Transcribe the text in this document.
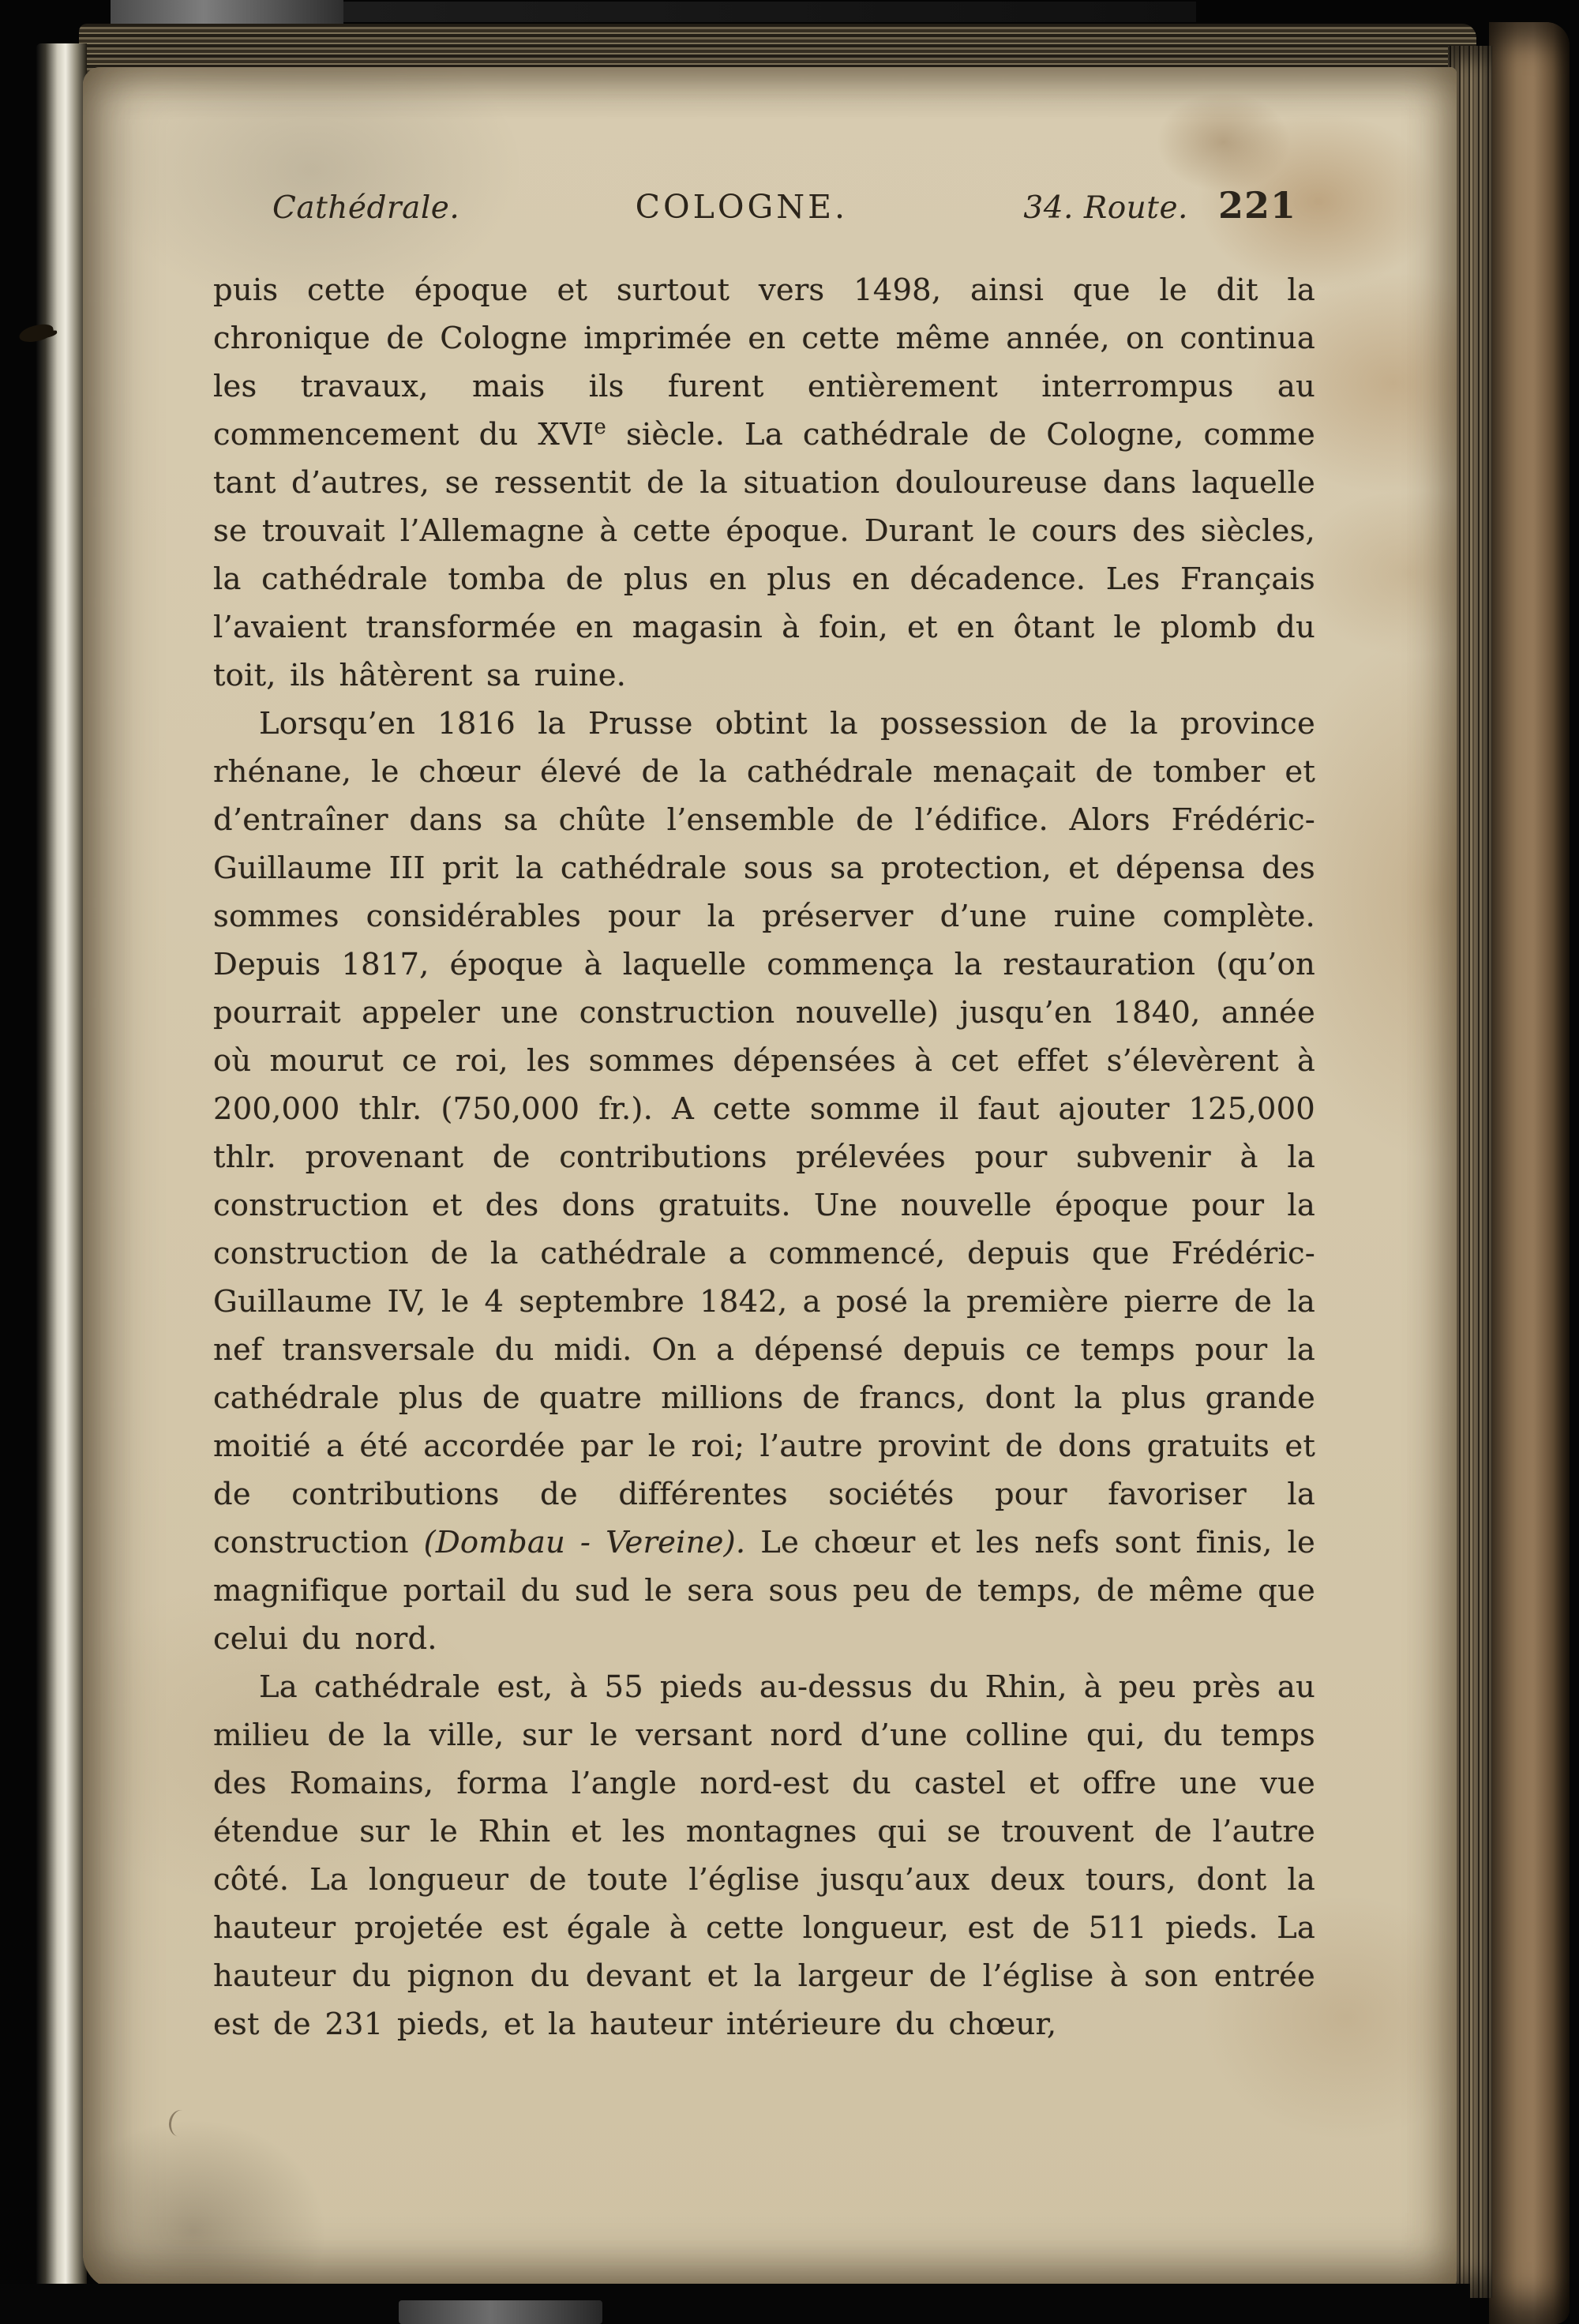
Cathédrale.	COLOGNE.	34. Route. 221

puis cette époque et surtout vers 1498, ainsi que le dit la chronique de Cologne imprimée en cette même année, on continua les travaux, mais ils furent entièrement interrompus au commencement du XVIe siècle. La cathédrale de Cologne, comme tant d’autres, se ressentit de la situation douloureuse dans laquelle se trouvait l’Allemagne à cette époque. Durant le cours des siècles, la cathédrale tomba de plus en plus en décadence. Les Français l’avaient transformée en magasin à foin, et en ôtant le plomb du toit, ils hâtèrent sa ruine.

Lorsqu’en 1816 la Prusse obtint la possession de la province rhénane, le chœur élevé de la cathédrale menaçait de tomber et d’entraîner dans sa chûte l’ensemble de l’édifice. Alors Frédéric-Guillaume III prit la cathédrale sous sa protection, et dépensa des sommes considérables pour la préserver d’une ruine complète. Depuis 1817, époque à laquelle commença la restauration (qu’on pourrait appeler une construction nouvelle) jusqu’en 1840, année où mourut ce roi, les sommes dépensées à cet effet s’élevèrent à 200,000 thlr. (750,000 fr.). A cette somme il faut ajouter 125,000 thlr. provenant de contributions prélevées pour subvenir à la construction et des dons gratuits. Une nouvelle époque pour la construction de la cathédrale a commencé, depuis que Frédéric-Guillaume IV, le 4 septembre 1842, a posé la première pierre de la nef transversale du midi. On a dépensé depuis ce temps pour la cathédrale plus de quatre millions de francs, dont la plus grande moitié a été accordée par le roi; l’autre provint de dons gratuits et de contributions de différentes sociétés pour favoriser la construction (Dombau - Vereine). Le chœur et les nefs sont finis, le magnifique portail du sud le sera sous peu de temps, de même que celui du nord.

La cathédrale est, à 55 pieds au-dessus du Rhin, à peu près au milieu de la ville, sur le versant nord d’une colline qui, du temps des Romains, forma l’angle nord-est du castel et offre une vue étendue sur le Rhin et les montagnes qui se trouvent de l’autre côté. La longueur de toute l’église jusqu’aux deux tours, dont la hauteur projetée est égale à cette longueur, est de 511 pieds. La hauteur du pignon du devant et la largeur de l’église à son entrée est de 231 pieds, et la hauteur intérieure du chœur,
